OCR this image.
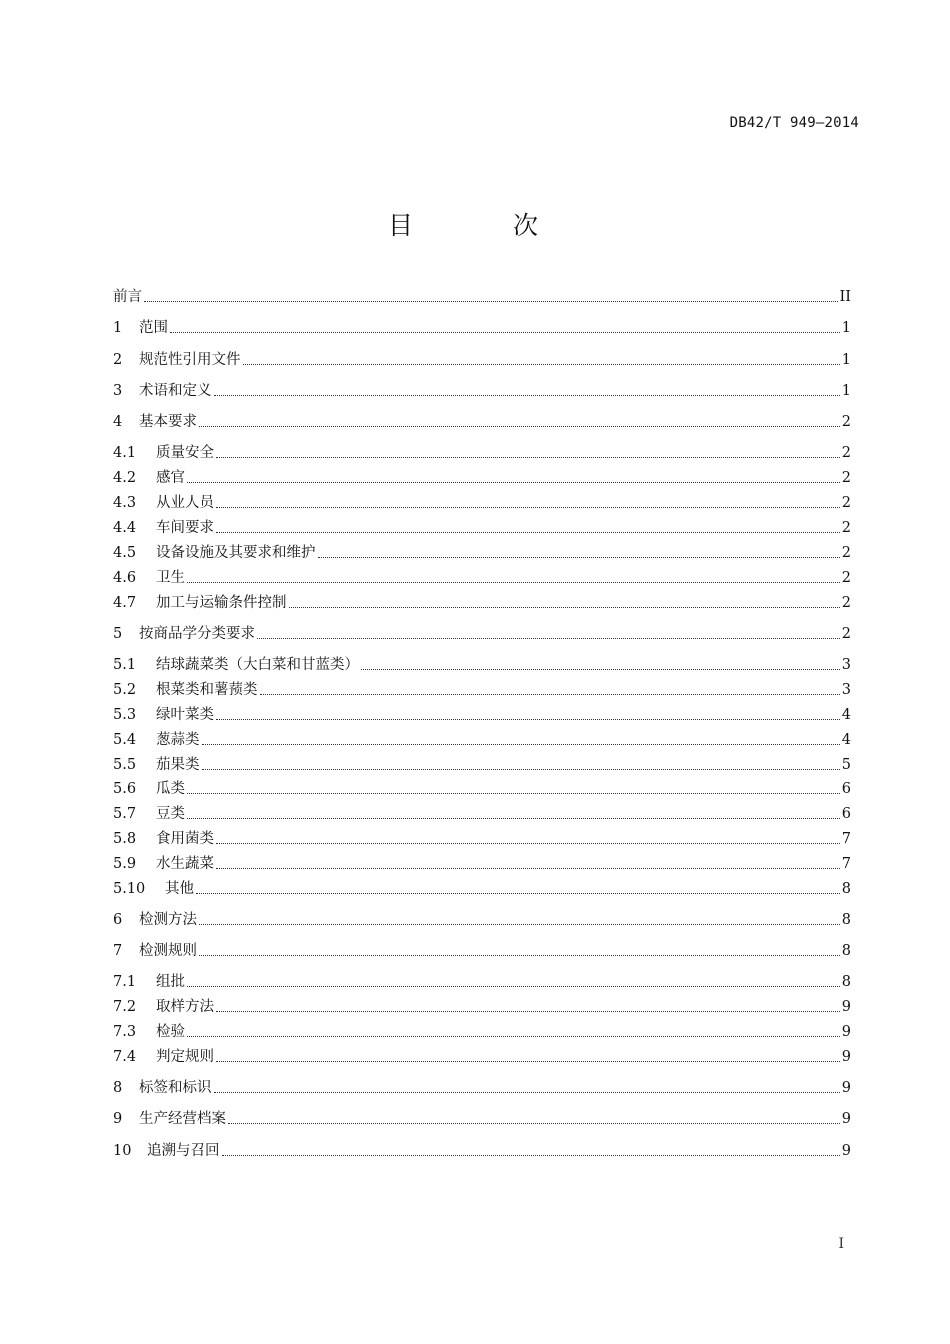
DB42/T 949—2014
目 次
前言	II
1	范围	1
2	规范性引用文件	1
3	术语和定义	1
4	基本要求	2
4.1	质量安全	2
4.2	感官	2
4.3	从业人员	2
4.4	车间要求	2
4.5	设备设施及其要求和维护	2
4.6	卫生	2
4.7	加工与运输条件控制	2
5	按商品学分类要求	2
5.1	结球蔬菜类（大白菜和甘蓝类）	3
5.2	根菜类和薯蓣类	3
5.3	绿叶菜类	4
5.4	葱蒜类	4
5.5	茄果类	5
5.6	瓜类	6
5.7	豆类	6
5.8	食用菌类	7
5.9	水生蔬菜	7
5.10	其他	8
6	检测方法	8
7	检测规则	8
7.1	组批	8
7.2	取样方法	9
7.3	检验	9
7.4	判定规则	9
8	标签和标识	9
9	生产经营档案	9
10	追溯与召回	9
I
